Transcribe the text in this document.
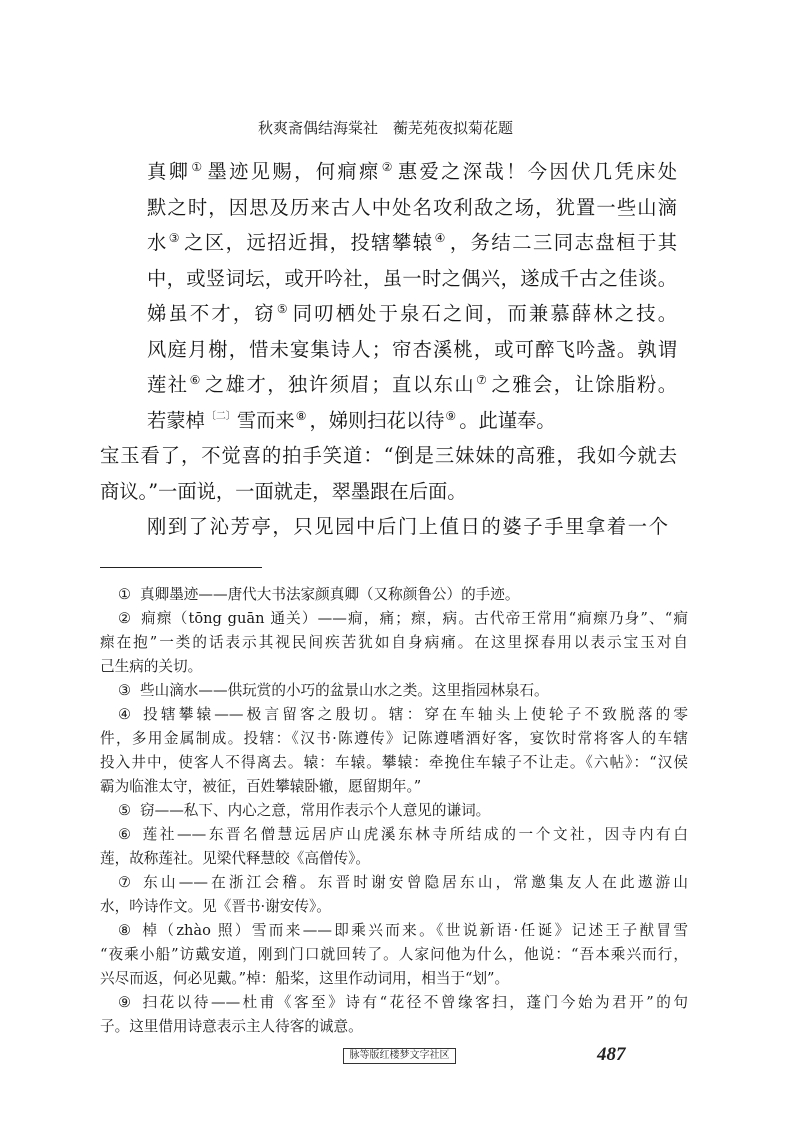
秋爽斋偶结海棠社　蘅芜苑夜拟菊花题
真卿① 墨迹见赐，何痌瘝② 惠爱之深哉！今因伏几凭床处
默之时，因思及历来古人中处名攻利敌之场，犹置一些山滴
水③ 之区，远招近揖，投辖攀辕④ ，务结二三同志盘桓于其
中，或竖词坛，或开吟社，虽一时之偶兴，遂成千古之佳谈。
娣虽不才，窃⑤ 同叨栖处于泉石之间，而兼慕薛林之技。
风庭月榭，惜未宴集诗人；帘杏溪桃，或可醉飞吟盏。孰谓
莲社⑥ 之雄才，独许须眉；直以东山⑦ 之雅会，让馀脂粉。
若蒙棹$^{〔二〕}$雪而来⑧ ，娣则扫花以待⑨ 。此谨奉。
宝玉看了，不觉喜的拍手笑道：“倒是三妹妹的高雅，我如今就去
商议。”一面说，一面就走，翠墨跟在后面。
刚到了沁芳亭，只见园中后门上值日的婆子手里拿着一个
① 真卿墨迹——唐代大书法家颜真卿（又称颜鲁公）的手迹。
② 痌瘝（tōng guān 通关）——痌，痛；瘝，病。古代帝王常用“痌瘝乃身”、“痌
瘝在抱”一类的话表示其视民间疾苦犹如自身病痛。在这里探春用以表示宝玉对自
己生病的关切。
③ 些山滴水——供玩赏的小巧的盆景山水之类。这里指园林泉石。
④ 投辖攀辕——极言留客之殷切。辖：穿在车轴头上使轮子不致脱落的零
件，多用金属制成。投辖：《汉书·陈遵传》记陈遵嗜酒好客，宴饮时常将客人的车辖
投入井中，使客人不得离去。辕：车辕。攀辕：牵挽住车辕子不让走。《六帖》：“汉侯
霸为临淮太守，被征，百姓攀辕卧辙，愿留期年。”
⑤ 窃——私下、内心之意，常用作表示个人意见的谦词。
⑥ 莲社——东晋名僧慧远居庐山虎溪东林寺所结成的一个文社，因寺内有白
莲，故称莲社。见梁代释慧皎《高僧传》。
⑦ 东山——在浙江会稽。东晋时谢安曾隐居东山，常邀集友人在此遨游山
水，吟诗作文。见《晋书·谢安传》。
⑧ 棹（zhào 照）雪而来——即乘兴而来。《世说新语·任诞》记述王子猷冒雪
“夜乘小船”访戴安道，刚到门口就回转了。人家问他为什么，他说：“吾本乘兴而行，
兴尽而返，何必见戴。”棹：船桨，这里作动词用，相当于“划”。
⑨ 扫花以待——杜甫《客至》诗有“花径不曾缘客扫，蓬门今始为君开”的句
子。这里借用诗意表示主人待客的诚意。
脉等版红楼梦文字社区	487
